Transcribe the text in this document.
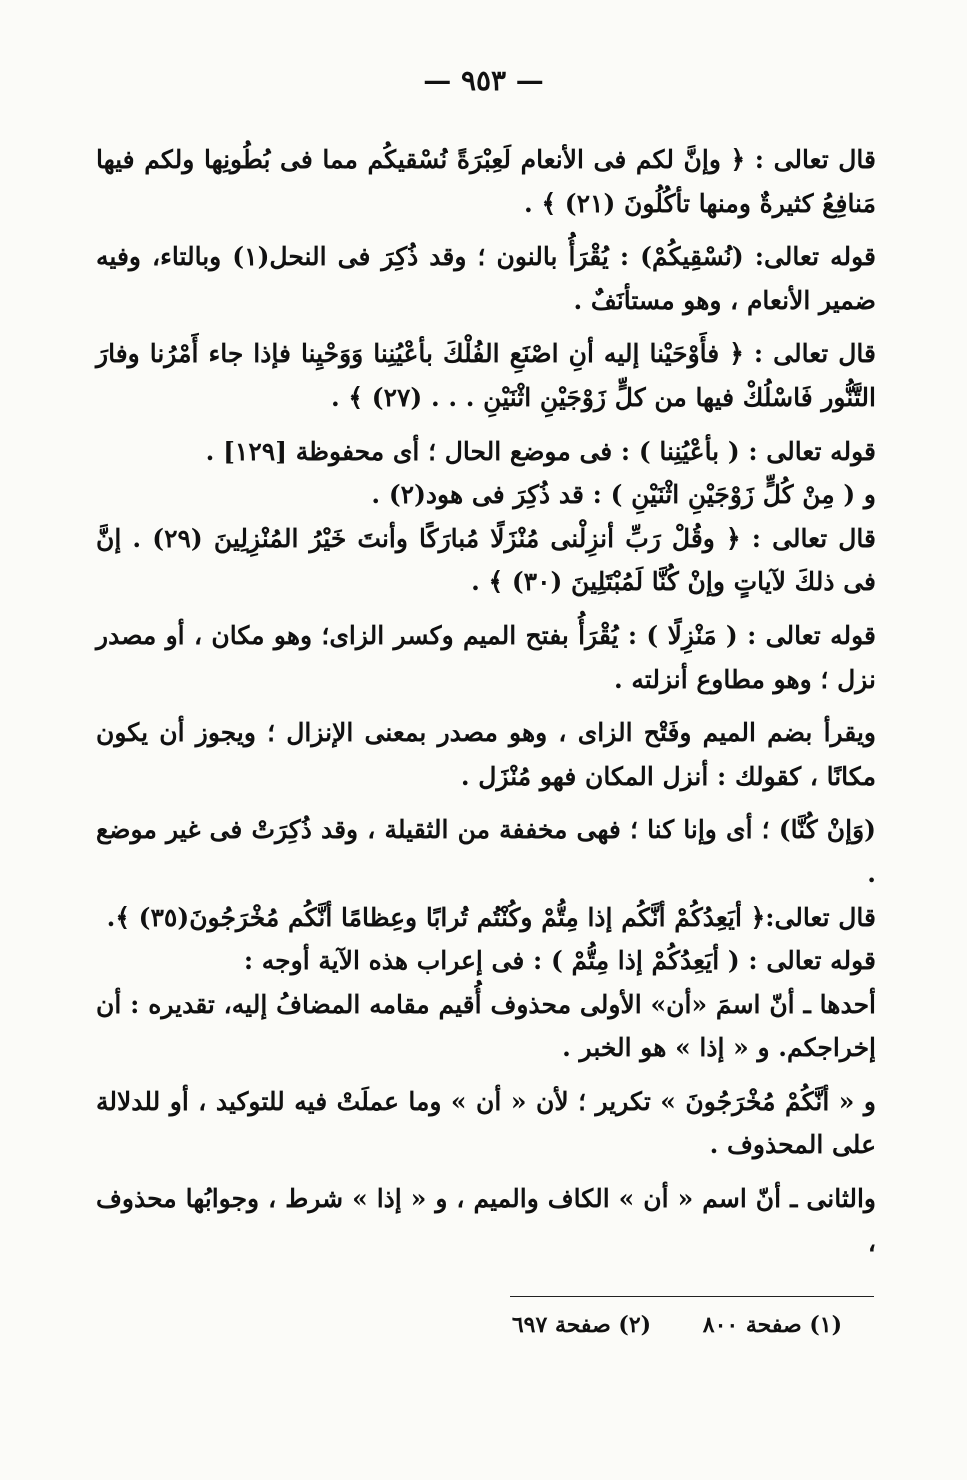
— ٩٥٣ —

قال تعالى : ﴿ وإنَّ لكم فى الأنعام لَعِبْرَةً نُسْقيكُم مما فى بُطُونِها ولكم فيها مَنافِعُ كثيرةٌ ومنها تأكُلُونَ (٢١) ﴾ .

قوله تعالى: (نُسْقِيكُمْ) : يُقْرَأُ بالنون ؛ وقد ذُكِرَ فى النحل(١) وبالتاء، وفيه ضمير الأنعام ، وهو مستأنَفٌ .

قال تعالى : ﴿ فأَوْحَيْنا إليه أنِ اصْنَعِ الفُلْكَ بأعْيُنِنا وَوَحْيِنا فإذا جاء أَمْرُنا وفارَ التَّنُّور فَاسْلُكْ فيها من كلٍّ زَوْجَيْنِ اثْنَيْنِ . . . (٢٧) ﴾ .

قوله تعالى : ( بأعْيُنِنا ) : فى موضع الحال ؛ أى محفوظة [١٢٩] .

و ( مِنْ كُلٍّ زَوْجَيْنِ اثْنَيْنِ ) : قد ذُكِرَ فى هود(٢) .

قال تعالى : ﴿ وقُلْ رَبِّ أنزِلْنى مُنْزَلًا مُبارَكًا وأنتَ خَيْرُ المُنْزِلِينَ (٢٩) . إنَّ فى ذلكَ لآياتٍ وإنْ كُنَّا لَمُبْتَلِينَ (٣٠) ﴾ .

قوله تعالى : ( مَنْزِلًا ) : يُقْرَأُ بفتح الميم وكسر الزاى؛ وهو مكان ، أو مصدر نزل ؛ وهو مطاوع أنزلته .

ويقرأ بضم الميم وفَتْح الزاى ، وهو مصدر بمعنى الإنزال ؛ ويجوز أن يكون مكانًا ، كقولك : أنزل المكان فهو مُنْزَل .

(وَإنْ كُنَّا) ؛ أى وإنا كنا ؛ فهى مخففة من الثقيلة ، وقد ذُكِرَتْ فى غير موضع .

قال تعالى:﴿ أيَعِدُكُمْ أنَّكُم إذا مِتُّمْ وكُنْتُم تُرابًا وعِظامًا أنَّكُم مُخْرَجُونَ(٣٥) ﴾.

قوله تعالى : ( أيَعِدُكُمْ إذا مِتُّمْ ) : فى إعراب هذه الآية أوجه :

أحدها ـ أنّ اسمَ «أن» الأولى محذوف أُقيم مقامه المضافُ إليه، تقديره : أن إخراجكم. و « إذا » هو الخبر .

و « أنَّكُمْ مُخْرَجُونَ » تكرير ؛ لأن « أن » وما عملَتْ فيه للتوكيد ، أو للدلالة على المحذوف .

والثانى ـ أنّ اسم « أن » الكاف والميم ، و « إذا » شرط ، وجوابُها محذوف ،

(١) صفحة ٨٠٠ (٢) صفحة ٦٩٧
